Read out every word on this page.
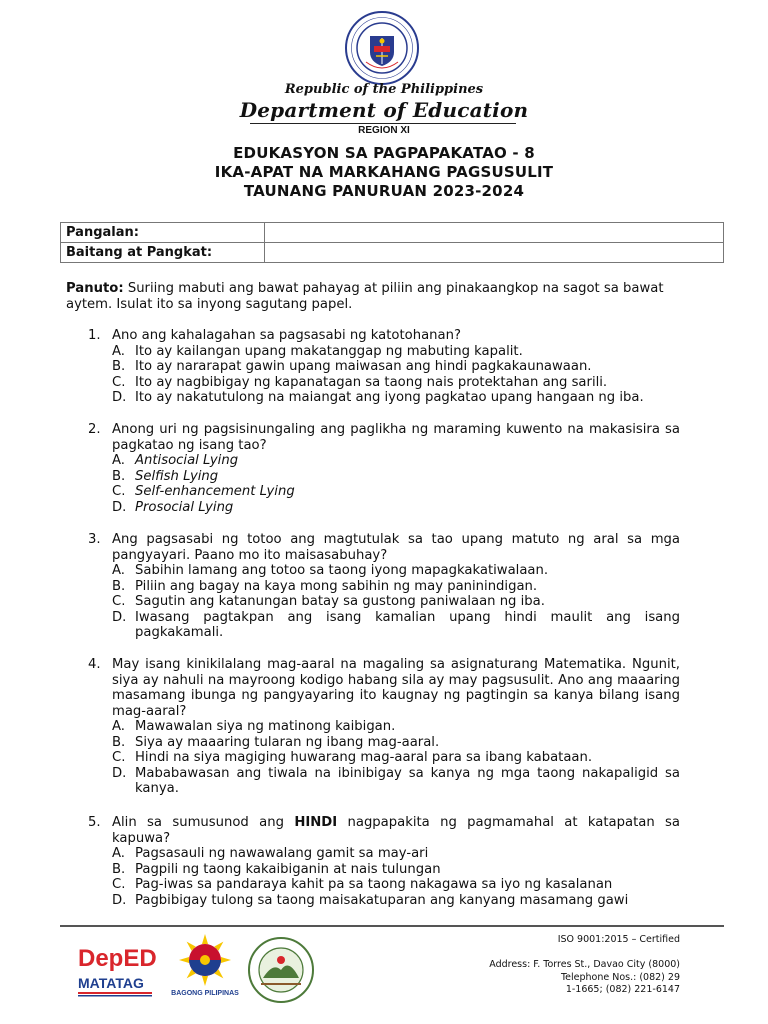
Republic of the Philippines
Department of Education
REGION XI
EDUKASYON SA PAGPAPAKATAO - 8
IKA-APAT NA MARKAHANG PAGSUSULIT
TAUNANG PANURUAN 2023-2024
Pangalan:	
Baitang at Pangkat:	
Panuto: Suriing mabuti ang bawat pahayag at piliin ang pinakaangkop na sagot sa bawat aytem. Isulat ito sa inyong sagutang papel.
1. Ano ang kahalagahan sa pagsasabi ng katotohanan?
A. Ito ay kailangan upang makatanggap ng mabuting kapalit.
B. Ito ay nararapat gawin upang maiwasan ang hindi pagkakaunawaan.
C. Ito ay nagbibigay ng kapanatagan sa taong nais protektahan ang sarili.
D. Ito ay nakatutulong na maiangat ang iyong pagkatao upang hangaan ng iba.
2. Anong uri ng pagsisinungaling ang paglikha ng maraming kuwento na makasisira sa pagkatao ng isang tao?
A. Antisocial Lying
B. Selfish Lying
C. Self-enhancement Lying
D. Prosocial Lying
3. Ang pagsasabi ng totoo ang magtutulak sa tao upang matuto ng aral sa mga pangyayari. Paano mo ito maisasabuhay?
A. Sabihin lamang ang totoo sa taong iyong mapagkakatiwalaan.
B. Piliin ang bagay na kaya mong sabihin ng may paninindigan.
C. Sagutin ang katanungan batay sa gustong paniwalaan ng iba.
D. Iwasang pagtakpan ang isang kamalian upang hindi maulit ang isang pagkakamali.
4. May isang kinikilalang mag-aaral na magaling sa asignaturang Matematika. Ngunit, siya ay nahuli na mayroong kodigo habang sila ay may pagsusulit. Ano ang maaaring masamang ibunga ng pangyayaring ito kaugnay ng pagtingin sa kanya bilang isang mag-aaral?
A. Mawawalan siya ng matinong kaibigan.
B. Siya ay maaaring tularan ng ibang mag-aaral.
C. Hindi na siya magiging huwarang mag-aaral para sa ibang kabataan.
D. Mababawasan ang tiwala na ibinibigay sa kanya ng mga taong nakapaligid sa kanya.
5. Alin sa sumusunod ang HINDI nagpapakita ng pagmamahal at katapatan sa kapuwa?
A. Pagsasauli ng nawawalang gamit sa may-ari
B. Pagpili ng taong kakaibiganin at nais tulungan
C. Pag-iwas sa pandaraya kahit pa sa taong nakagawa sa iyo ng kasalanan
D. Pagbibigay tulong sa taong maisakatuparan ang kanyang masamang gawi
DepED
MATATAG
BAGONG PILIPINAS
ISO 9001:2015 – Certified
Address: F. Torres St., Davao City (8000)
Telephone Nos.: (082) 29
1-1665; (082) 221-6147
